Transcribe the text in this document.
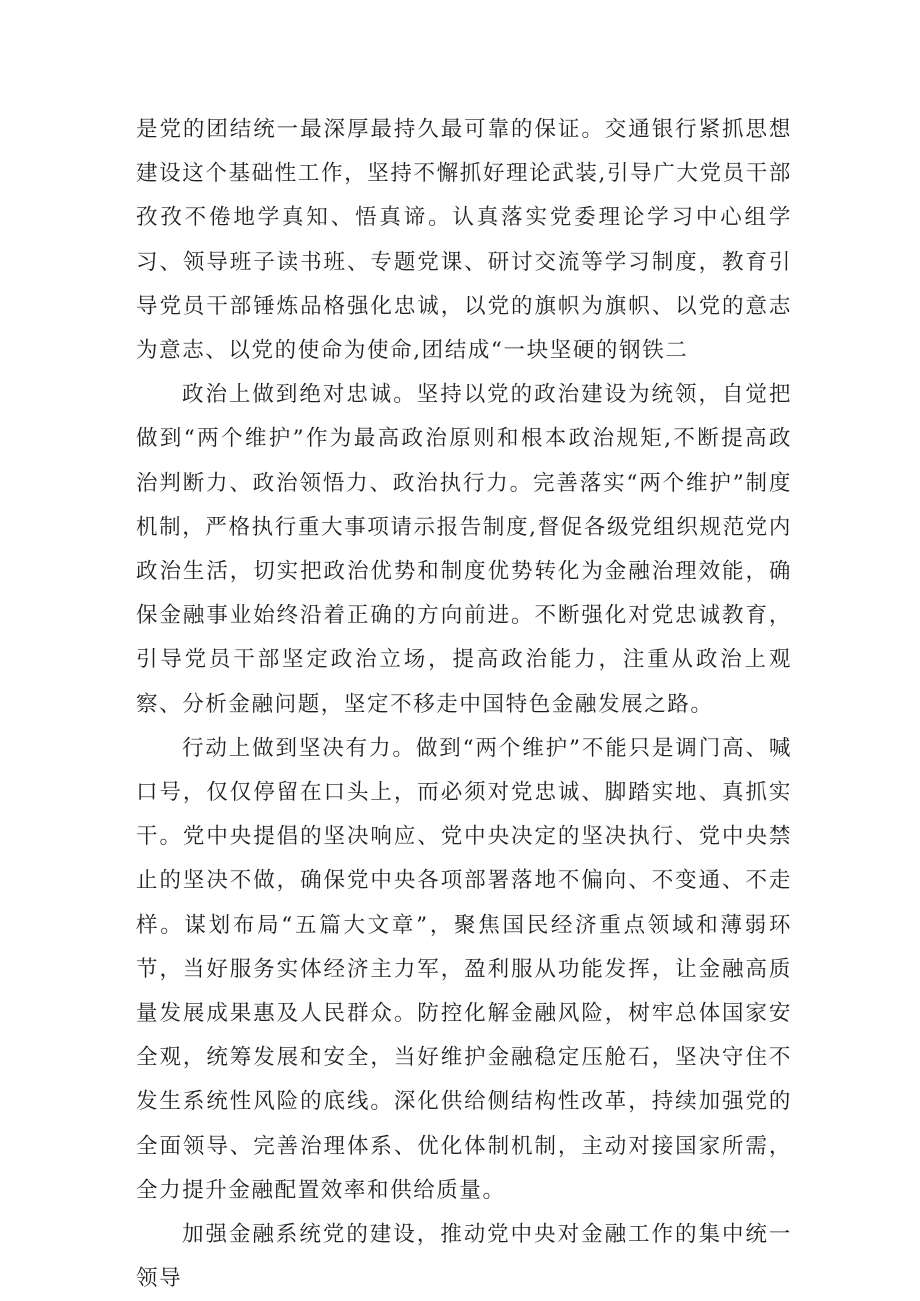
是党的团结统一最深厚最持久最可靠的保证。交通银行紧抓思想建设这个基础性工作，坚持不懈抓好理论武装,引导广大党员干部孜孜不倦地学真知、悟真谛。认真落实党委理论学习中心组学习、领导班子读书班、专题党课、研讨交流等学习制度，教育引导党员干部锤炼品格强化忠诚，以党的旗帜为旗帜、以党的意志为意志、以党的使命为使命,团结成“一块坚硬的钢铁二

政治上做到绝对忠诚。坚持以党的政治建设为统领，自觉把做到“两个维护”作为最高政治原则和根本政治规矩,不断提高政治判断力、政治领悟力、政治执行力。完善落实“两个维护”制度机制，严格执行重大事项请示报告制度,督促各级党组织规范党内政治生活，切实把政治优势和制度优势转化为金融治理效能，确保金融事业始终沿着正确的方向前进。不断强化对党忠诚教育，引导党员干部坚定政治立场，提高政治能力，注重从政治上观察、分析金融问题，坚定不移走中国特色金融发展之路。

行动上做到坚决有力。做到“两个维护”不能只是调门高、喊口号，仅仅停留在口头上，而必须对党忠诚、脚踏实地、真抓实干。党中央提倡的坚决响应、党中央决定的坚决执行、党中央禁止的坚决不做，确保党中央各项部署落地不偏向、不变通、不走样。谋划布局“五篇大文章”，聚焦国民经济重点领域和薄弱环节，当好服务实体经济主力军，盈利服从功能发挥，让金融高质量发展成果惠及人民群众。防控化解金融风险，树牢总体国家安全观，统筹发展和安全，当好维护金融稳定压舱石，坚决守住不发生系统性风险的底线。深化供给侧结构性改革，持续加强党的全面领导、完善治理体系、优化体制机制，主动对接国家所需，全力提升金融配置效率和供给质量。

加强金融系统党的建设，推动党中央对金融工作的集中统一领导
